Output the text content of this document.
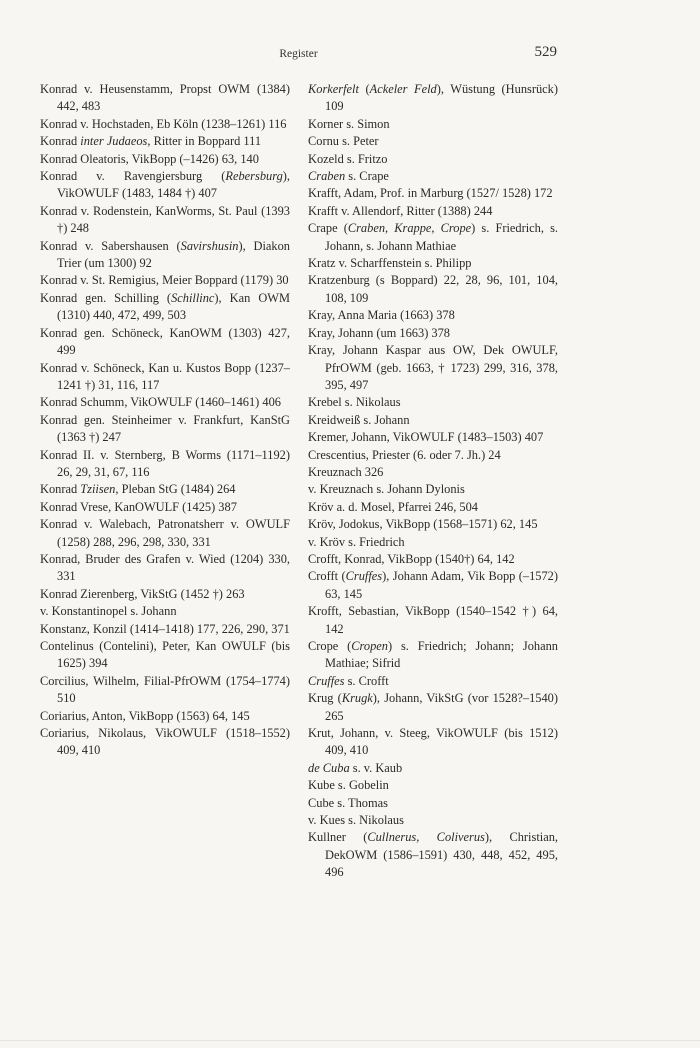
Register	529
Konrad v. Heusenstamm, Propst OWM (1384) 442, 483
Konrad v. Hochstaden, Eb Köln (1238–1261) 116
Konrad inter Judaeos, Ritter in Boppard 111
Konrad Oleatoris, VikBopp (–1426) 63, 140
Konrad v. Ravengiersburg (Rebersburg), VikOWULF (1483, 1484 †) 407
Konrad v. Rodenstein, KanWorms, St. Paul (1393 †) 248
Konrad v. Sabershausen (Savirshusin), Diakon Trier (um 1300) 92
Konrad v. St. Remigius, Meier Boppard (1179) 30
Konrad gen. Schilling (Schillinc), Kan OWM (1310) 440, 472, 499, 503
Konrad gen. Schöneck, KanOWM (1303) 427, 499
Konrad v. Schöneck, Kan u. Kustos Bopp (1237–1241 †) 31, 116, 117
Konrad Schumm, VikOWULF (1460–1461) 406
Konrad gen. Steinheimer v. Frankfurt, KanStG (1363 †) 247
Konrad II. v. Sternberg, B Worms (1171–1192) 26, 29, 31, 67, 116
Konrad Tziisen, Pleban StG (1484) 264
Konrad Vrese, KanOWULF (1425) 387
Konrad v. Walebach, Patronatsherr v. OWULF (1258) 288, 296, 298, 330, 331
Konrad, Bruder des Grafen v. Wied (1204) 330, 331
Konrad Zierenberg, VikStG (1452 †) 263
v. Konstantinopel s. Johann
Konstanz, Konzil (1414–1418) 177, 226, 290, 371
Contelinus (Contelini), Peter, Kan OWULF (bis 1625) 394
Corcilius, Wilhelm, Filial-PfrOWM (1754–1774) 510
Coriarius, Anton, VikBopp (1563) 64, 145
Coriarius, Nikolaus, VikOWULF (1518–1552) 409, 410
Korkerfelt (Ackeler Feld), Wüstung (Hunsrück) 109
Korner s. Simon
Cornu s. Peter
Kozeld s. Fritzo
Craben s. Crape
Krafft, Adam, Prof. in Marburg (1527/ 1528) 172
Krafft v. Allendorf, Ritter (1388) 244
Crape (Craben, Krappe, Crope) s. Friedrich, s. Johann, s. Johann Mathiae
Kratz v. Scharffenstein s. Philipp
Kratzenburg (s Boppard) 22, 28, 96, 101, 104, 108, 109
Kray, Anna Maria (1663) 378
Kray, Johann (um 1663) 378
Kray, Johann Kaspar aus OW, Dek OWULF, PfrOWM (geb. 1663, † 1723) 299, 316, 378, 395, 497
Krebel s. Nikolaus
Kreidweiß s. Johann
Kremer, Johann, VikOWULF (1483–1503) 407
Crescentius, Priester (6. oder 7. Jh.) 24
Kreuznach 326
v. Kreuznach s. Johann Dylonis
Kröv a. d. Mosel, Pfarrei 246, 504
Kröv, Jodokus, VikBopp (1568–1571) 62, 145
v. Kröv s. Friedrich
Crofft, Konrad, VikBopp (1540†) 64, 142
Crofft (Cruffes), Johann Adam, Vik Bopp (–1572) 63, 145
Krofft, Sebastian, VikBopp (1540–1542 †) 64, 142
Crope (Cropen) s. Friedrich; Johann; Johann Mathiae; Sifrid
Cruffes s. Crofft
Krug (Krugk), Johann, VikStG (vor 1528?–1540) 265
Krut, Johann, v. Steeg, VikOWULF (bis 1512) 409, 410
de Cuba s. v. Kaub
Kube s. Gobelin
Cube s. Thomas
v. Kues s. Nikolaus
Kullner (Cullnerus, Coliverus), Christian, DekOWM (1586–1591) 430, 448, 452, 495, 496
